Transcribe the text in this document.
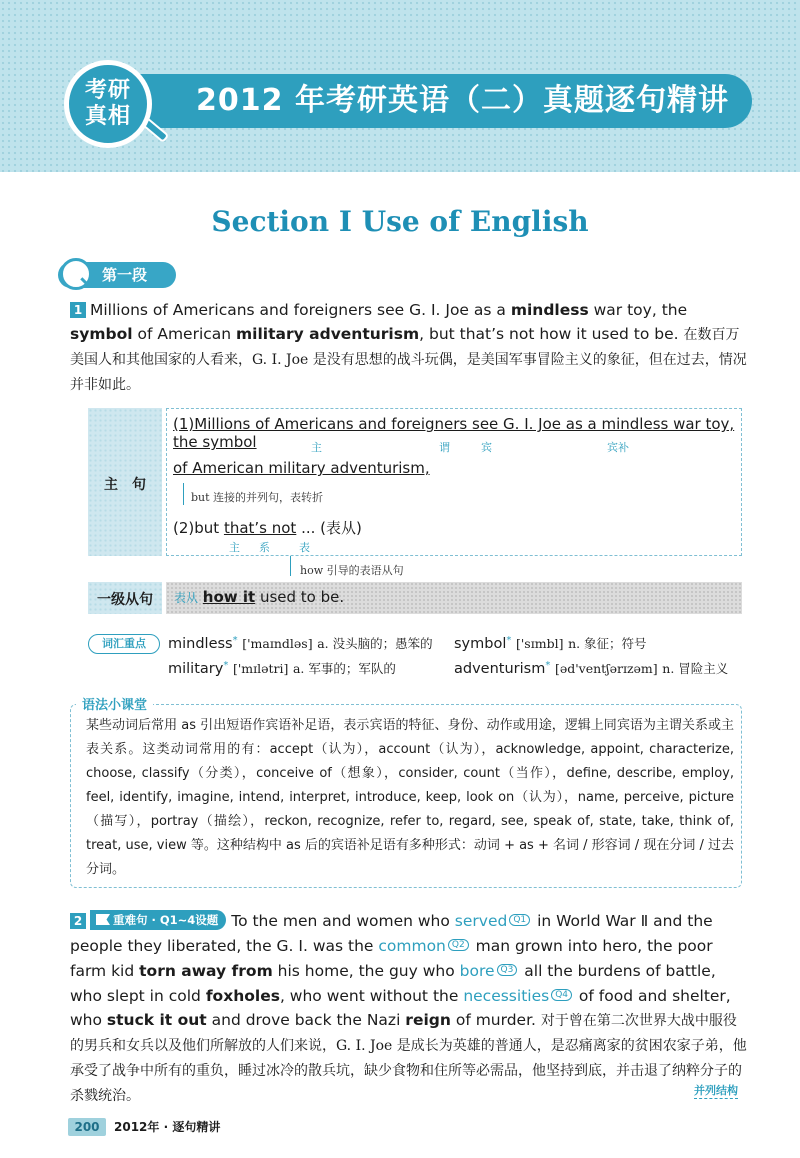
2012 年考研英语（二）真题逐句精讲
考研
真相
Section Ⅰ Use of English
第一段
1 Millions of Americans and foreigners see G. I. Joe as a mindless war toy, the symbol of American military adventurism, but that’s not how it used to be. 在数百万美国人和其他国家的人看来，G. I. Joe 是没有思想的战斗玩偶，是美国军事冒险主义的象征，但在过去，情况并非如此。
主　句
(1)Millions of Americans and foreigners see G. I. Joe as a mindless war toy, the symbol	主	谓	宾	宾补
of American military adventurism,
but 连接的并列句，表转折
(2)but that’s not ... (表从)
主 系	表
how 引导的表语从句
一级从句	表从 how it used to be.
词汇重点	mindless* ['maɪndləs] a. 没头脑的；愚笨的 symbol* ['sɪmbl] n. 象征；符号
military* ['mɪlətri] a. 军事的；军队的	adventurism* [əd'ventʃərɪzəm] n. 冒险主义
语法小课堂
某些动词后常用 as 引出短语作宾语补足语，表示宾语的特征、身份、动作或用途，逻辑上同宾语为主谓关系或主表关系。这类动词常用的有：accept（认为），account（认为），acknowledge, appoint, characterize, choose, classify（分类），conceive of（想象），consider, count（当作），define, describe, employ, feel, identify, imagine, intend, interpret, introduce, keep, look on（认为），name, perceive, picture（描写），portray（描绘），reckon, recognize, refer to, regard, see, speak of, state, take, think of, treat, use, view 等。这种结构中 as 后的宾语补足语有多种形式：动词 + as + 名词 / 形容词 / 现在分词 / 过去分词。
2	重难句 · Q1~4设题 To the men and women who served $^{Q1}$ in World War Ⅱ and the people they liberated, the G. I. was the common $^{Q2}$ man grown into hero, the poor farm kid torn away from his home, the guy who bore $^{Q3}$ all the burdens of battle, who slept in cold foxholes, who went without the necessities $^{Q4}$ of food and shelter, who stuck it out and drove back the Nazi reign of murder. 对于曾在第二次世界大战中服役的男兵和女兵以及他们所解放的人们来说，G. I. Joe 是成长为英雄的普通人，是忍痛离家的贫困农家子弟，他承受了战争中所有的重负，睡过冰冷的散兵坑，缺少食物和住所等必需品，他坚持到底，并击退了纳粹分子的杀戮统治。	并列结构
200 2012年 · 逐句精讲
